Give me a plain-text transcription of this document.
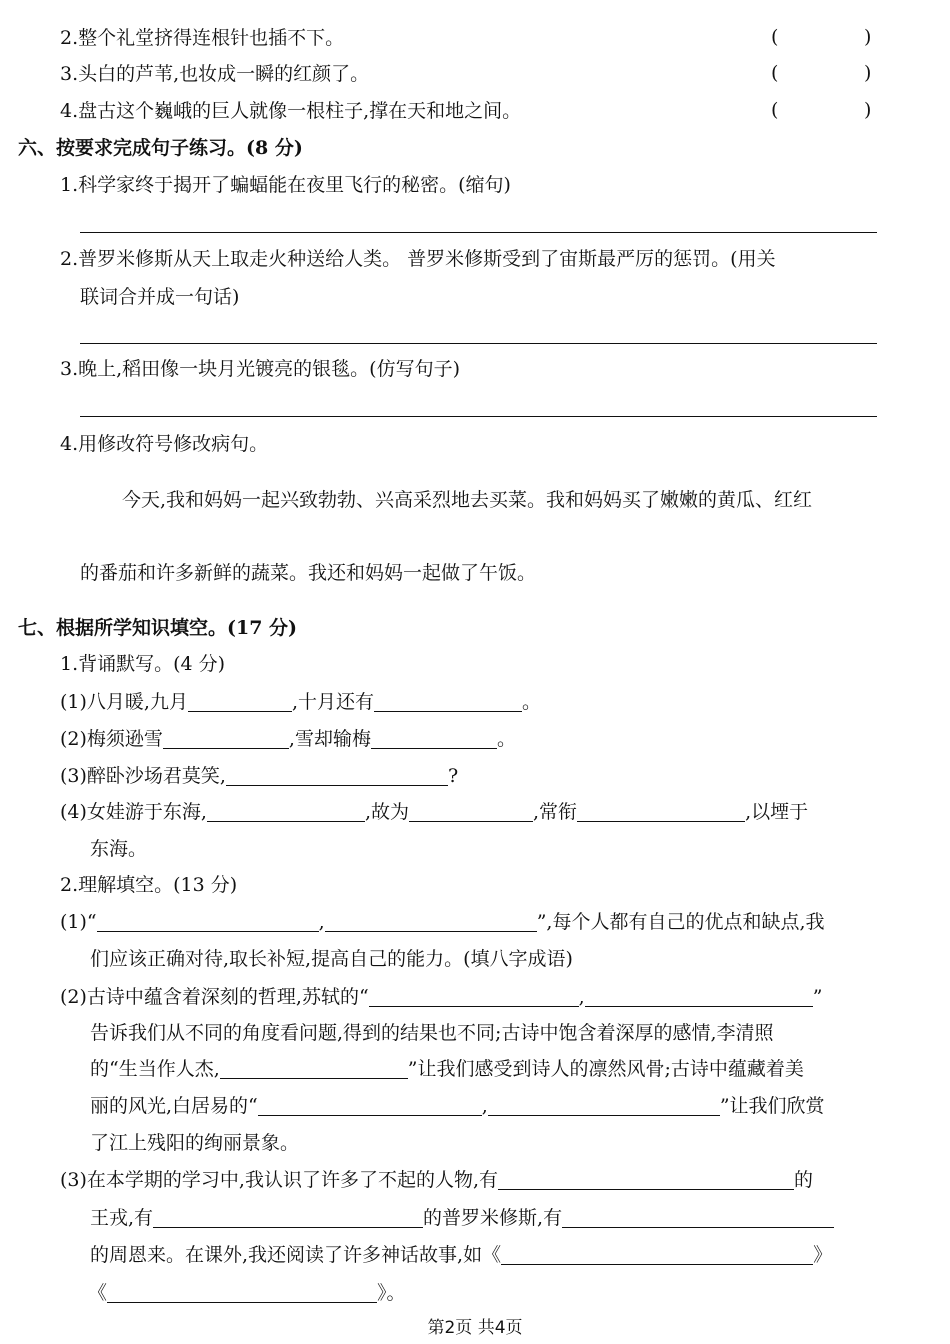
2.整个礼堂挤得连根针也插不下。	(	)
3.头白的芦苇,也妆成一瞬的红颜了。	(	)
4.盘古这个巍峨的巨人就像一根柱子,撑在天和地之间。	(	)
六、按要求完成句子练习。(8 分)
1.科学家终于揭开了蝙蝠能在夜里飞行的秘密。(缩句)
2.普罗米修斯从天上取走火种送给人类。 普罗米修斯受到了宙斯最严厉的惩罚。(用关
联词合并成一句话)
3.晚上,稻田像一块月光镀亮的银毯。(仿写句子)
4.用修改符号修改病句。
今天,我和妈妈一起兴致勃勃、兴高采烈地去买菜。我和妈妈买了嫩嫩的黄瓜、红红
的番茄和许多新鲜的蔬菜。我还和妈妈一起做了午饭。
七、根据所学知识填空。(17 分)
1.背诵默写。(4 分)
(1)八月暖,九月	,十月还有	。
(2)梅须逊雪	,雪却输梅	。
(3)醉卧沙场君莫笑,	?
(4)女娃游于东海,	,故为	,常衔	,以堙于
东海。
2.理解填空。(13 分)
(1)“	,	”,每个人都有自己的优点和缺点,我
们应该正确对待,取长补短,提高自己的能力。(填八字成语)
(2)古诗中蕴含着深刻的哲理,苏轼的“	,	”
告诉我们从不同的角度看问题,得到的结果也不同;古诗中饱含着深厚的感情,李清照
的“生当作人杰,	”让我们感受到诗人的凛然风骨;古诗中蕴藏着美
丽的风光,白居易的“	,	”让我们欣赏
了江上残阳的绚丽景象。
(3)在本学期的学习中,我认识了许多了不起的人物,有	的
王戎,有	的普罗米修斯,有
的周恩来。在课外,我还阅读了许多神话故事,如《	》
《	》。
第2页 共4页
